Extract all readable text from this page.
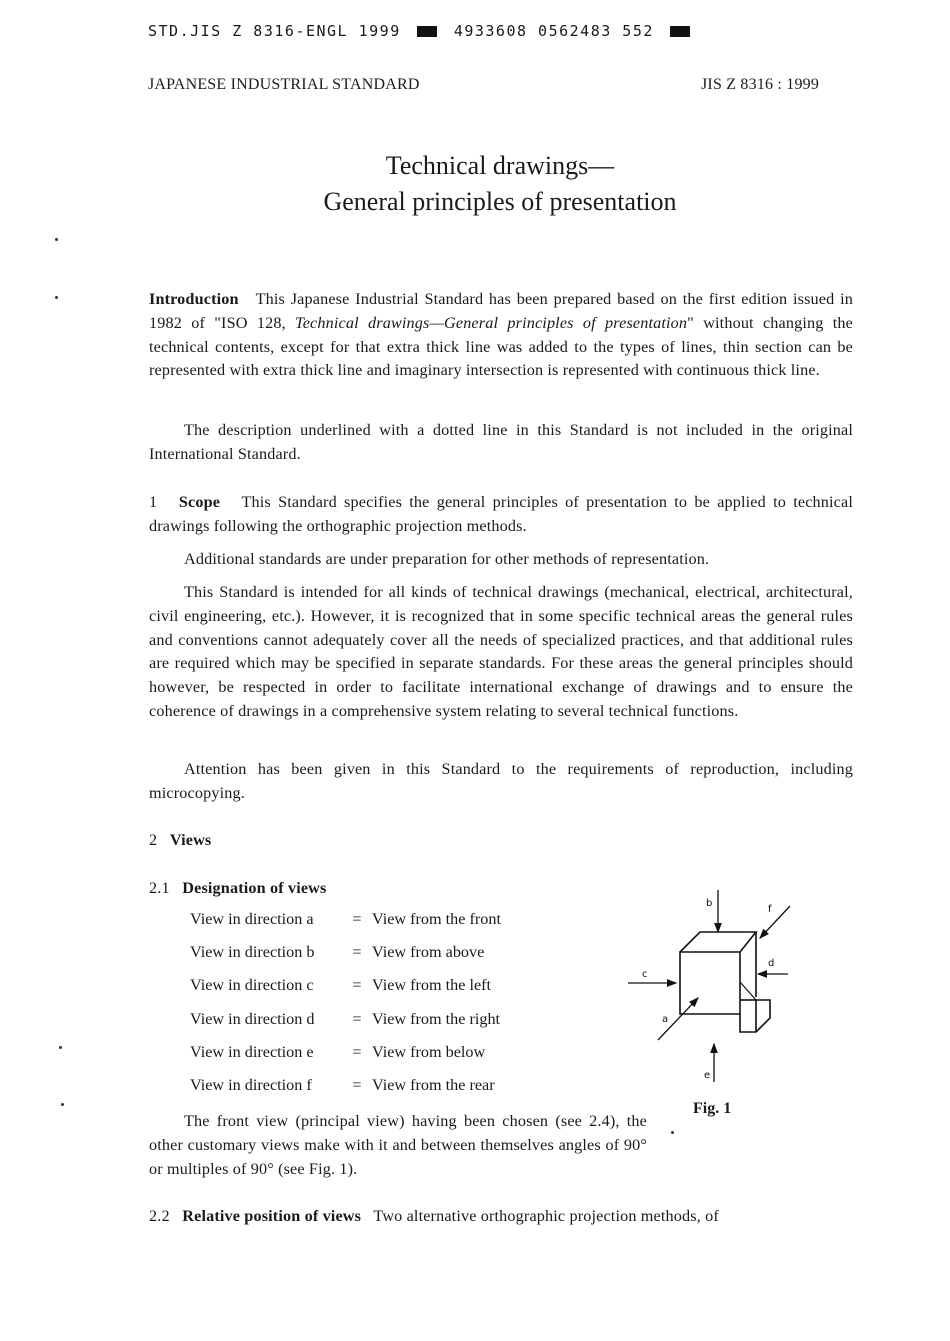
STD.JIS Z 8316-ENGL 1999	4933608 0562483 552
JAPANESE INDUSTRIAL STANDARD	JIS Z 8316 : 1999
Technical drawings—
General principles of presentation
Introduction This Japanese Industrial Standard has been prepared based on the first edition issued in 1982 of "ISO 128, Technical drawings—General principles of presentation" without changing the technical contents, except for that extra thick line was added to the types of lines, thin section can be represented with extra thick line and imaginary intersection is represented with continuous thick line.
The description underlined with a dotted line in this Standard is not included in the original International Standard.
1 Scope This Standard specifies the general principles of presentation to be applied to technical drawings following the orthographic projection methods.
Additional standards are under preparation for other methods of representation.
This Standard is intended for all kinds of technical drawings (mechanical, electrical, architectural, civil engineering, etc.). However, it is recognized that in some specific technical areas the general rules and conventions cannot adequately cover all the needs of specialized practices, and that additional rules are required which may be specified in separate standards. For these areas the general principles should however, be respected in order to facilitate international exchange of drawings and to ensure the coherence of drawings in a comprehensive system relating to several technical functions.
Attention has been given in this Standard to the requirements of reproduction, including microcopying.
2 Views
2.1 Designation of views
View in direction a = View from the front
View in direction b = View from above
View in direction c = View from the left
View in direction d = View from the right
View in direction e = View from below
View in direction f	= View from the rear
b
f
c
d
a
e
Fig. 1
The front view (principal view) having been chosen (see 2.4), the other customary views make with it and between themselves angles of 90° or multiples of 90° (see Fig. 1).
2.2 Relative position of views Two alternative orthographic projection methods, of
